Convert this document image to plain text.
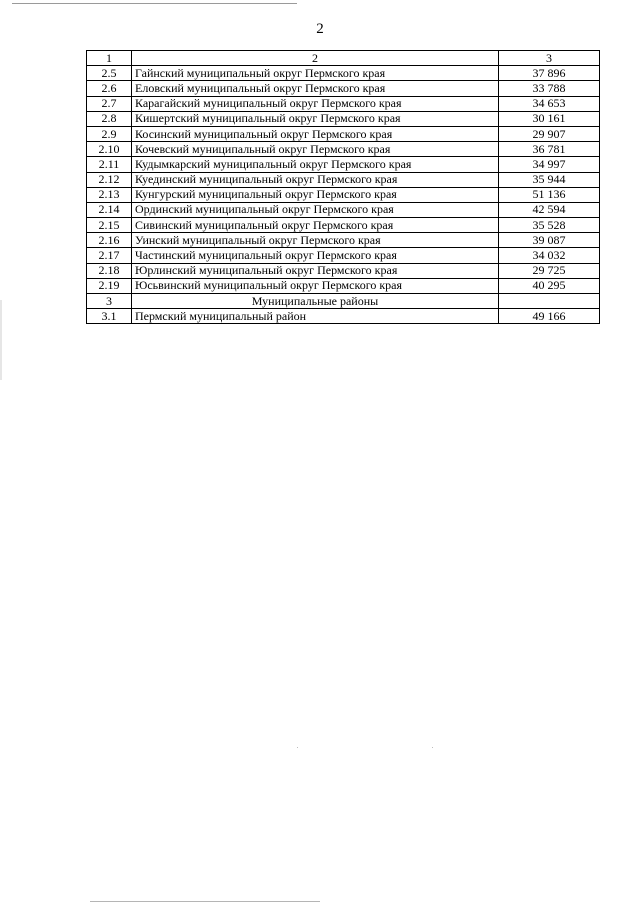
2
1	2	3
2.5	Гайнский муниципальный округ Пермского края	37 896
2.6	Еловский муниципальный округ Пермского края	33 788
2.7	Карагайский муниципальный округ Пермского края	34 653
2.8	Кишертский муниципальный округ Пермского края	30 161
2.9	Косинский муниципальный округ Пермского края	29 907
2.10	Кочевский муниципальный округ Пермского края	36 781
2.11	Кудымкарский муниципальный округ Пермского края	34 997
2.12	Куединский муниципальный округ Пермского края	35 944
2.13	Кунгурский муниципальный округ Пермского края	51 136
2.14	Ординский муниципальный округ Пермского края	42 594
2.15	Сивинский муниципальный округ Пермского края	35 528
2.16	Уинский муниципальный округ Пермского края	39 087
2.17	Частинский муниципальный округ Пермского края	34 032
2.18	Юрлинский муниципальный округ Пермского края	29 725
2.19	Юсьвинский муниципальный округ Пермского края	40 295
3	Муниципальные районы	
3.1	Пермский муниципальный район	49 166
